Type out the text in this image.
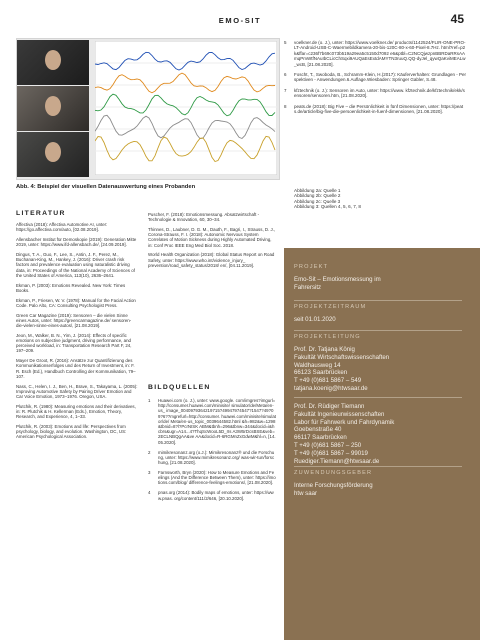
EMO-SIT	45
Abb. 4: Beispiel der visuellen Datenauswertung eines Probanden
LITERATUR

Affectiva (2018): Affectiva Automotive AI, unter: https://go.affectiva.com/auto, [02.08.2019].

Allensbacher Institut für Demoskopie (2019): Generation Mitte 2019, unter: https://www.ifd-allensbach.de/, [24.09.2019].

Dingus, T. A., Guo, F., Lee, S., Antin, J. F., Perez, M., Buchanan-King, M., Hankey, J. (2016): Driver crash risk factors and prevalence evaluation using naturalistic driving data, in: Proceedings of the National Academy of Sciences of the United States of America, 113(10), 2636–2641.

Ekman, P. (2003): Emotions Revealed. New York: Times Books.

Ekman, P., Friesen, W. V. (1978): Manual for the Facial Action Code. Palo Alto, CA: Consulting Psychologist Press.

Green Car Magazine (2019): Sensoren – die vielen Sinne eines Autos, unter: https://greencarmagazine.de/ sensoren-die-vielen-sinne-eines-autos/, [21.08.2019].

Jeon, M., Walker, B. N., Yim, J. (2014): Effects of specific emotions on subjective judgment, driving performance, and perceived workload, in: Transportation Research Part F, 24, 197–209.

Mayer De Groot, R. (2016): Ansätze zur Quantifizierung des Kommunikationserfolges und des Return of Investment, in: F. R. Esch (Ed.), Handbuch Controlling der Kommunikation, 79–107.

Nass, C., Helen, I. J., Ben, H., Brave, S., Takayama, L. (2005): Improving Automotive Safety by Pairing Driver Emotion and Car Voice Emotion, 1973–1976. Oregon, USA.

Plutchik, R. (1980): Measuring emotions and their derivatives, in: R. Plutchik & H. Kellerman (Eds.), Emotion, Theory, Research, and Experience, 4, 1–33.

Plutchik, R. (2003): Emotions and life: Perspectives from psychology, biology, and evolution. Washington, DC, US: American Psychological Association.

Puscher, F. (2018): Emotionsmessung. Absatzwirtschaft - Technologie & Innovation, 60, 30–34.

Thinnes, D., Laubner, D. G. M., Dauth, F., Bagri, I., Strauss, D. J., Corona-Strauss, F. I. (2018): Autonomic Nervous System Correlates of Motion Sickness during Highly Automated Driving, in: Conf Proc IEEE Eng Med Biol Soc. 2018.

World Health Organization (2018): Global Status Report on Road Safety, unter: https://www.who.int/violence_injury_ prevention/road_safety_status/2018/ en/, [04.11.2019].

BILDQUELLEN
1	Huawei.com (o. J.), unter: www.google. com/imgres?imgurl= http://consumer.huawei.com/minisite/ simulator/de/Meta/en-us_ image_0040979364219715?49947974547?1547?49?09?6??mgrefurl=http://consumer. huawei.com/minisite/simulator/de/ Meta/en-us_topic_0039644582.html &h=982&w=1298&tbnid=8?l?PcrNISK ABM&tbnh=296&tbnw=344&docid=i&h cbrs&ugr=A14...4?ThqScWooL5D_rIs A3W5rDcsBSE&veb=2ECLNBQgAA&ve AA&docid=R-6RGMnZxGdwM&hl=n, [14.05.2020].
2	mimikresonanz.org (o.J.): Mimikresonanz® und die Forschung, unter: https://www.mimikresonanz.org/ was-wir-tun/forschung, [21.08.2020].
3	Farnsworth, Bryn (2020): How to Measure Emotions and Feelings (And the Difference Between Them), unter: https://imotions.com/blog/ difference-feelings-emotions/, [21.08.2020].
4	pnas.org (2014): Bodily maps of emotions, unter: https://www.pnas. org/content/111/2/646, [20.10.2020].
5	voelkner.de (o. J.), unter: https://www.voelkner.de/ products/1142524/FLIR-ONE-PRO-LT-Android-USB-C-Waermebildkamera-20-bis-120C-80-x-60-Pixel-8.7Hz. html?ref=p2k&ffar=c236f7b69c073b519a29ea5c5150d7092 e6&ptbl=C2NCQjwzpnBBRDaRRsAAmqPmWtfNAuIbCLicChSqxi9AUQaEsExtdAMYTN3ruuQ.QQ-dyJel_qywQaKviMEALw_wcB, [21.08.2020].
6	Foscht, T., Swoboda, B., Schramm-Klein, H.(2017): Käuferverhalten: Grundlagen - Perspektiven - Anwendungen.6.Auflage.Wiesbaden: Springer Gabler, S.48.
7	kfztechnik (o. J.): Sensoren im Auto, unter: https://www. kfztechnik.de/kfztechnik/ekk/sensoren/sensoren.htm, [21.08.2020].
8	peats.de (2018): Big Five – die Persönlichkeit in fünf Dimensionen, unter: https://peats.de/article/big-five-die-persoenlichkeit-in-fuenf-dimensionen, [21.08.2020].
Abbildung 2a: Quelle 1
Abbildung 2b: Quelle 2
Abbildung 2c: Quelle 3
Abbildung 3: Quellen 4, 5, 6, 7, 8
PROJEKT
Emo-Sit – Emotionsmessung im
Fahrersitz
PROJEKTZEITRAUM
seit 01.01.2020
PROJEKTLEITUNG
Prof. Dr. Tatjana König
Fakultät Wirtschaftswissenschaften
Waldhausweg 14
66123 Saarbrücken
T +49 (0)681 5867 – 549
tatjana.koenig@htwsaar.de
Prof. Dr. Rüdiger Tiemann
Fakultät Ingenieurwissenschaften
Labor für Fahrwerk und Fahrdynamik
Goebenstraße 40
66117 Saarbrücken
T +49 (0)681 5867 – 250
T +49 (0)681 5867 – 99019
Ruediger.Tiemann@htwsaar.de
ZUWENDUNGSGEBER
Interne Forschungsförderung
htw saar
